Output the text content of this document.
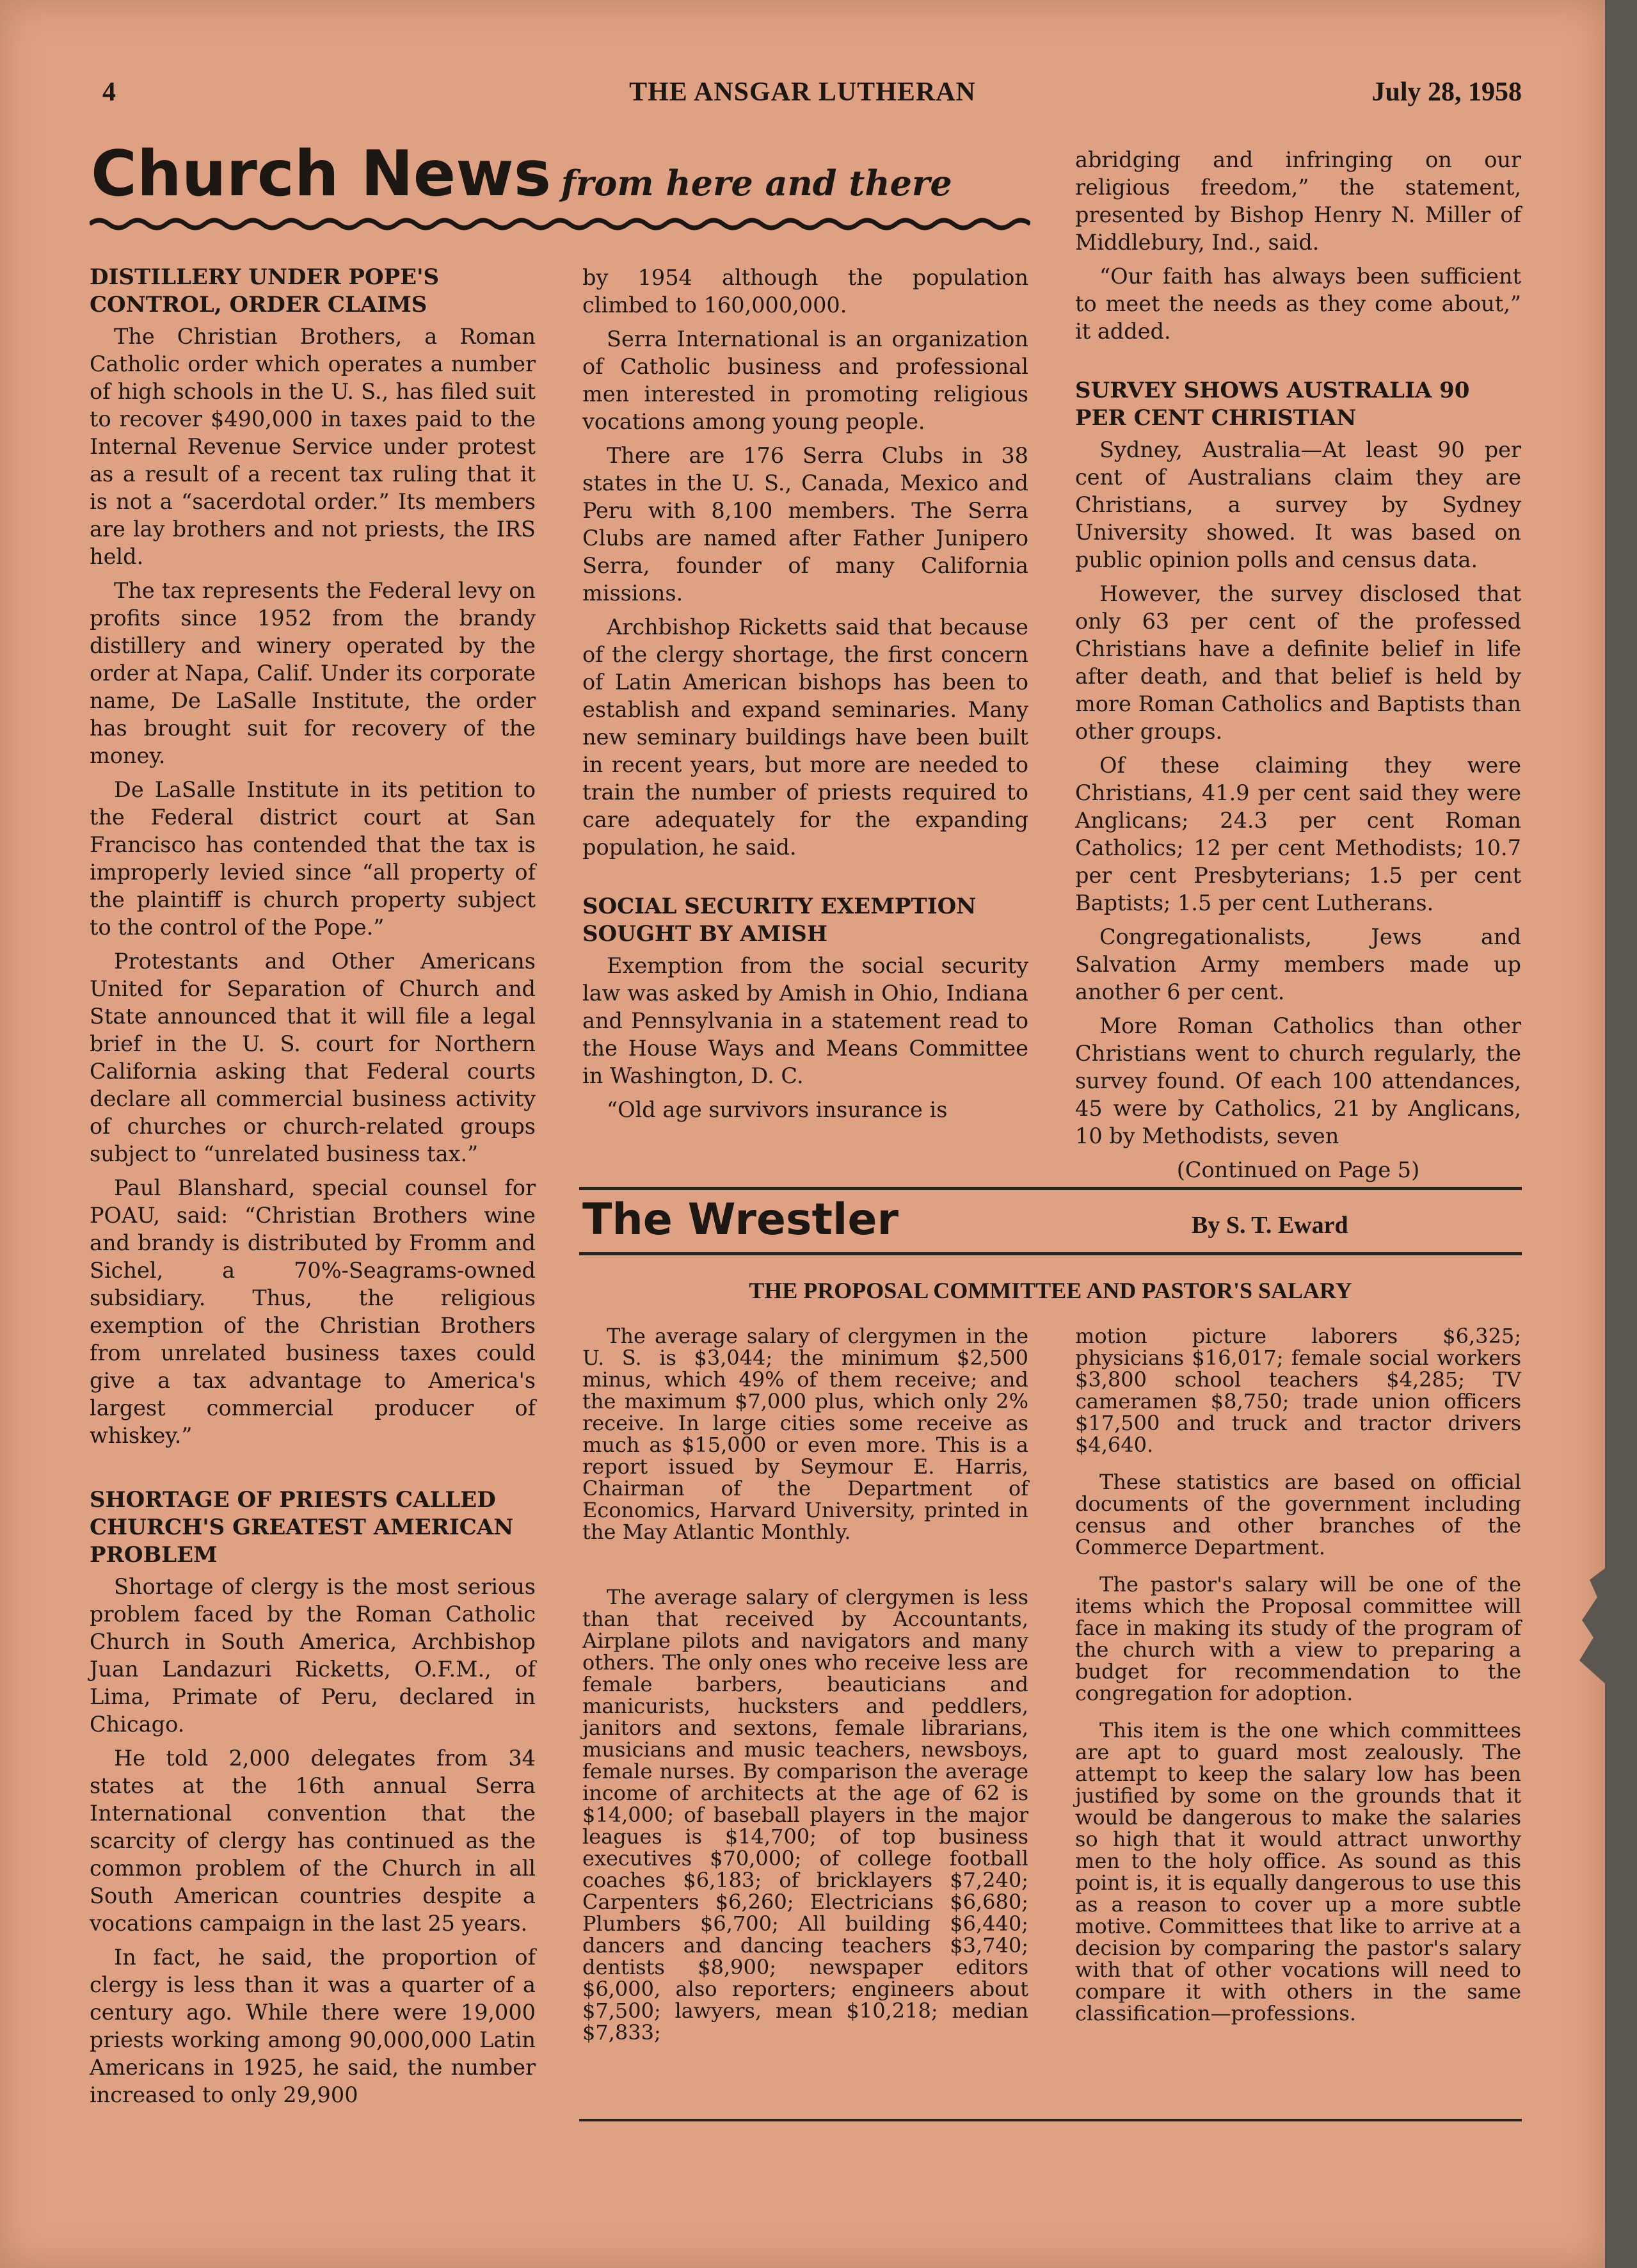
4	THE ANSGAR LUTHERAN	July 28, 1958
Church News from here and there
DISTILLERY UNDER POPE'S CONTROL, ORDER CLAIMS

The Christian Brothers, a Roman Catholic order which operates a number of high schools in the U. S., has filed suit to recover $490,000 in taxes paid to the Internal Revenue Service under protest as a result of a recent tax ruling that it is not a “sacerdotal order.” Its members are lay brothers and not priests, the IRS held.

The tax represents the Federal levy on profits since 1952 from the brandy distillery and winery operated by the order at Napa, Calif. Under its corporate name, De LaSalle Institute, the order has brought suit for recovery of the money.

De LaSalle Institute in its petition to the Federal district court at San Francisco has contended that the tax is improperly levied since “all property of the plaintiff is church property subject to the control of the Pope.”

Protestants and Other Americans United for Separation of Church and State announced that it will file a legal brief in the U. S. court for Northern California asking that Federal courts declare all commercial business activity of churches or church-related groups subject to “unrelated business tax.”

Paul Blanshard, special counsel for POAU, said: “Christian Brothers wine and brandy is distributed by Fromm and Sichel, a 70%-Seagrams-owned subsidiary. Thus, the religious exemption of the Christian Brothers from unrelated business taxes could give a tax advantage to America's largest commercial producer of whiskey.”

SHORTAGE OF PRIESTS CALLED CHURCH'S GREATEST AMERICAN PROBLEM

Shortage of clergy is the most serious problem faced by the Roman Catholic Church in South America, Archbishop Juan Landazuri Ricketts, O.F.M., of Lima, Primate of Peru, declared in Chicago.

He told 2,000 delegates from 34 states at the 16th annual Serra International convention that the scarcity of clergy has continued as the common problem of the Church in all South American countries despite a vocations campaign in the last 25 years.

In fact, he said, the proportion of clergy is less than it was a quarter of a century ago. While there were 19,000 priests working among 90,000,000 Latin Americans in 1925, he said, the number increased to only 29,900

by 1954 although the population climbed to 160,000,000.

Serra International is an organization of Catholic business and professional men interested in promoting religious vocations among young people.

There are 176 Serra Clubs in 38 states in the U. S., Canada, Mexico and Peru with 8,100 members. The Serra Clubs are named after Father Junipero Serra, founder of many California missions.

Archbishop Ricketts said that because of the clergy shortage, the first concern of Latin American bishops has been to establish and expand seminaries. Many new seminary buildings have been built in recent years, but more are needed to train the number of priests required to care adequately for the expanding population, he said.

SOCIAL SECURITY EXEMPTION SOUGHT BY AMISH

Exemption from the social security law was asked by Amish in Ohio, Indiana and Pennsylvania in a statement read to the House Ways and Means Committee in Washington, D. C.

“Old age survivors insurance is

abridging and infringing on our religious freedom,” the statement, presented by Bishop Henry N. Miller of Middlebury, Ind., said.

“Our faith has always been sufficient to meet the needs as they come about,” it added.

SURVEY SHOWS AUSTRALIA 90 PER CENT CHRISTIAN

Sydney, Australia—At least 90 per cent of Australians claim they are Christians, a survey by Sydney University showed. It was based on public opinion polls and census data.

However, the survey disclosed that only 63 per cent of the professed Christians have a definite belief in life after death, and that belief is held by more Roman Catholics and Baptists than other groups.

Of these claiming they were Christians, 41.9 per cent said they were Anglicans; 24.3 per cent Roman Catholics; 12 per cent Methodists; 10.7 per cent Presbyterians; 1.5 per cent Baptists; 1.5 per cent Lutherans.

Congregationalists, Jews and Salvation Army members made up another 6 per cent.

More Roman Catholics than other Christians went to church regularly, the survey found. Of each 100 attendances, 45 were by Catholics, 21 by Anglicans, 10 by Methodists, seven

(Continued on Page 5)

The Wrestler	By S. T. Eward
THE PROPOSAL COMMITTEE AND PASTOR'S SALARY

The average salary of clergymen in the U. S. is $3,044; the minimum $2,500 minus, which 49% of them receive; and the maximum $7,000 plus, which only 2% receive. In large cities some receive as much as $15,000 or even more. This is a report issued by Seymour E. Harris, Chairman of the Department of Economics, Harvard University, printed in the May Atlantic Monthly.

The average salary of clergymen is less than that received by Accountants, Airplane pilots and navigators and many others. The only ones who receive less are female barbers, beauticians and manicurists, hucksters and peddlers, janitors and sextons, female librarians, musicians and music teachers, newsboys, female nurses. By comparison the average income of architects at the age of 62 is $14,000; of baseball players in the major leagues is $14,700; of top business executives $70,000; of college football coaches $6,183; of bricklayers $7,240; Carpenters $6,260; Electricians $6,680; Plumbers $6,700; All building $6,440; dancers and dancing teachers $3,740; dentists $8,900; newspaper editors $6,000, also reporters; engineers about $7,500; lawyers, mean $10,218; median $7,833;

motion picture laborers $6,325; physicians $16,017; female social workers $3,800 school teachers $4,285; TV cameramen $8,750; trade union officers $17,500 and truck and tractor drivers $4,640.

These statistics are based on official documents of the government including census and other branches of the Commerce Department.

The pastor's salary will be one of the items which the Proposal committee will face in making its study of the program of the church with a view to preparing a budget for recommendation to the congregation for adoption.

This item is the one which committees are apt to guard most zealously. The attempt to keep the salary low has been justified by some on the grounds that it would be dangerous to make the salaries so high that it would attract unworthy men to the holy office. As sound as this point is, it is equally dangerous to use this as a reason to cover up a more subtle motive. Committees that like to arrive at a decision by comparing the pastor's salary with that of other vocations will need to compare it with others in the same classification—professions.
